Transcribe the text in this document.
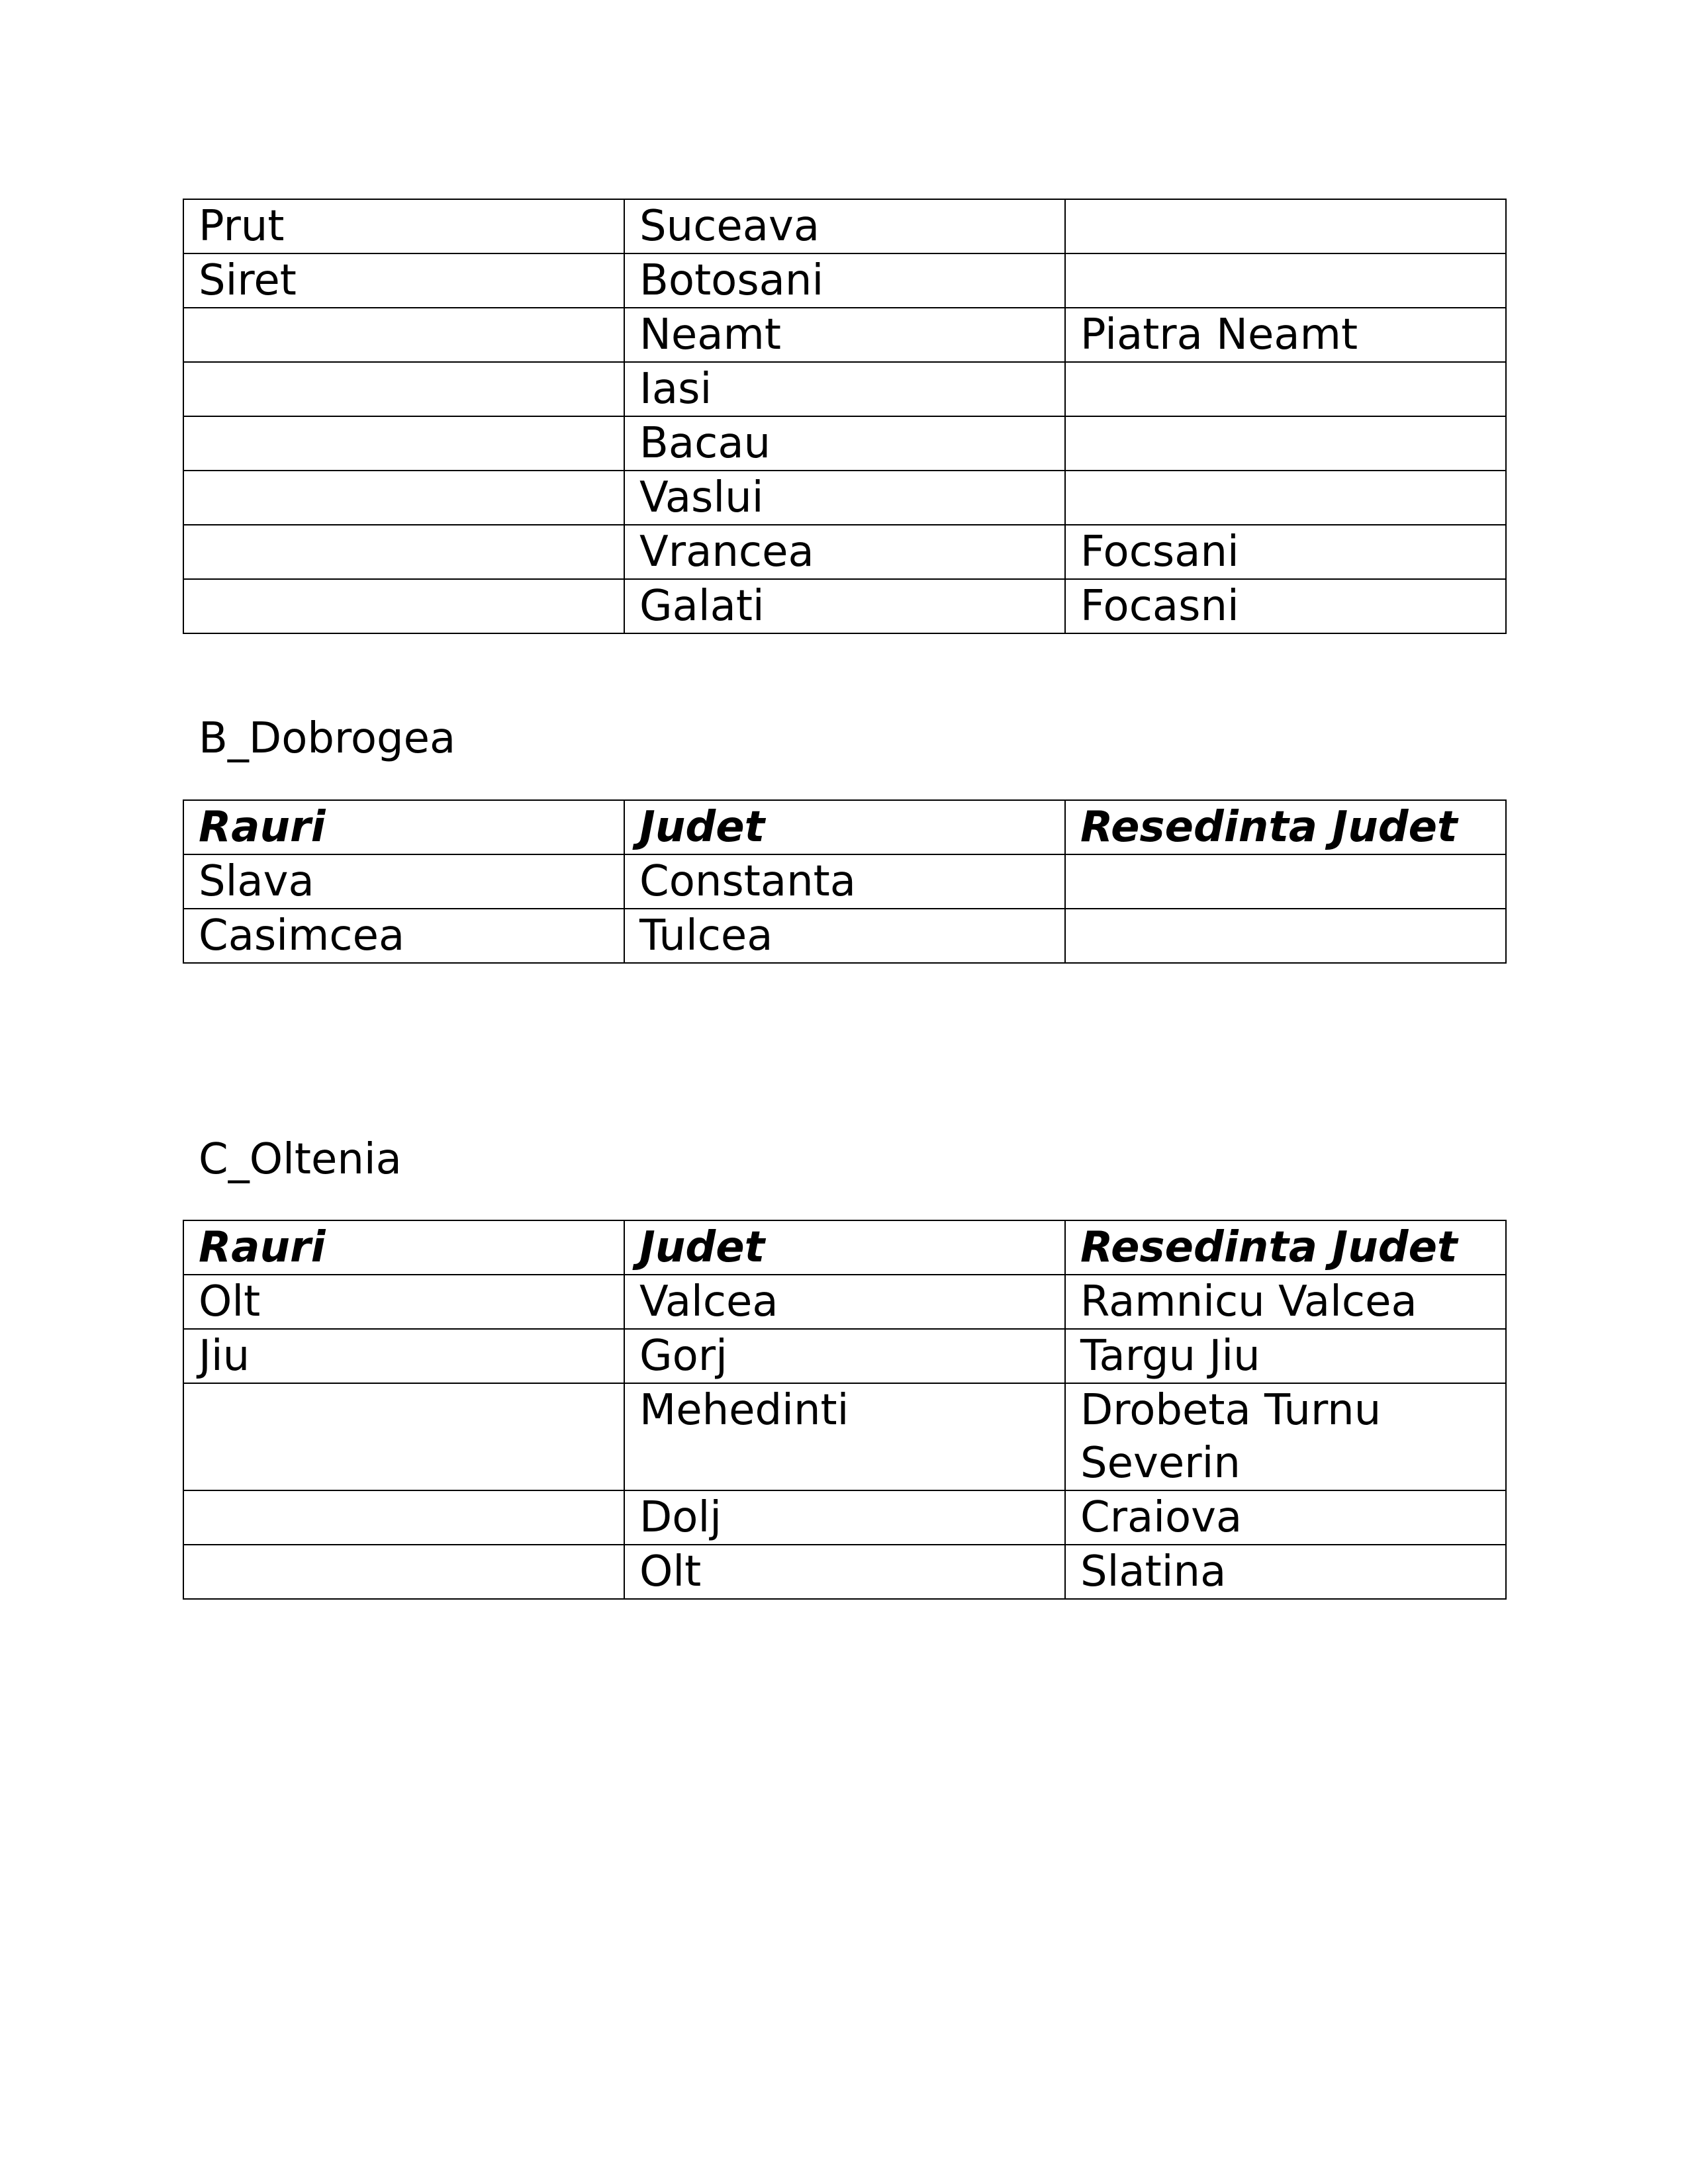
Prut	Suceava	
Siret	Botosani	
	Neamt	Piatra Neamt
	Iasi	
	Bacau	
	Vaslui	
	Vrancea	Focsani
	Galati	Focasni
B_Dobrogea
Rauri	Judet	Resedinta Judet
Slava	Constanta	
Casimcea	Tulcea	
C_Oltenia
Rauri	Judet	Resedinta Judet
Olt	Valcea	Ramnicu Valcea
Jiu	Gorj	Targu Jiu
	Mehedinti	Drobeta Turnu Severin
	Dolj	Craiova
	Olt	Slatina
